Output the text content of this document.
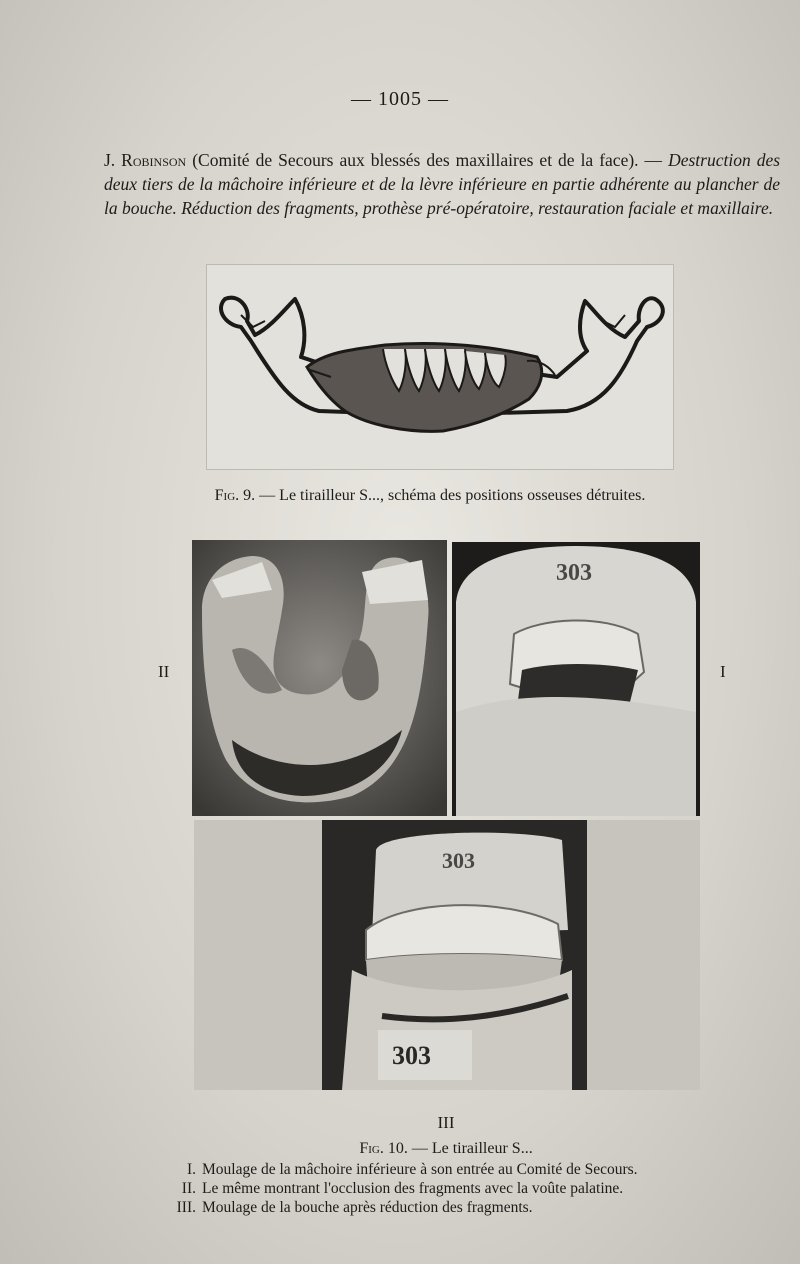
— 1005 —
J. Robinson (Comité de Secours aux blessés des maxillaires et de la face). — Destruction des deux tiers de la mâchoire inférieure et de la lèvre inférieure en partie adhérente au plancher de la bouche. Réduction des fragments, prothèse pré-opératoire, restauration faciale et maxillaire.
Fig. 9. — Le tirailleur S..., schéma des positions osseuses détruites.
II	I
303
303
303
III
Fig. 10. — Le tirailleur S...
I. Moulage de la mâchoire inférieure à son entrée au Comité de Secours.
II. Le même montrant l'occlusion des fragments avec la voûte palatine.
III. Moulage de la bouche après réduction des fragments.
